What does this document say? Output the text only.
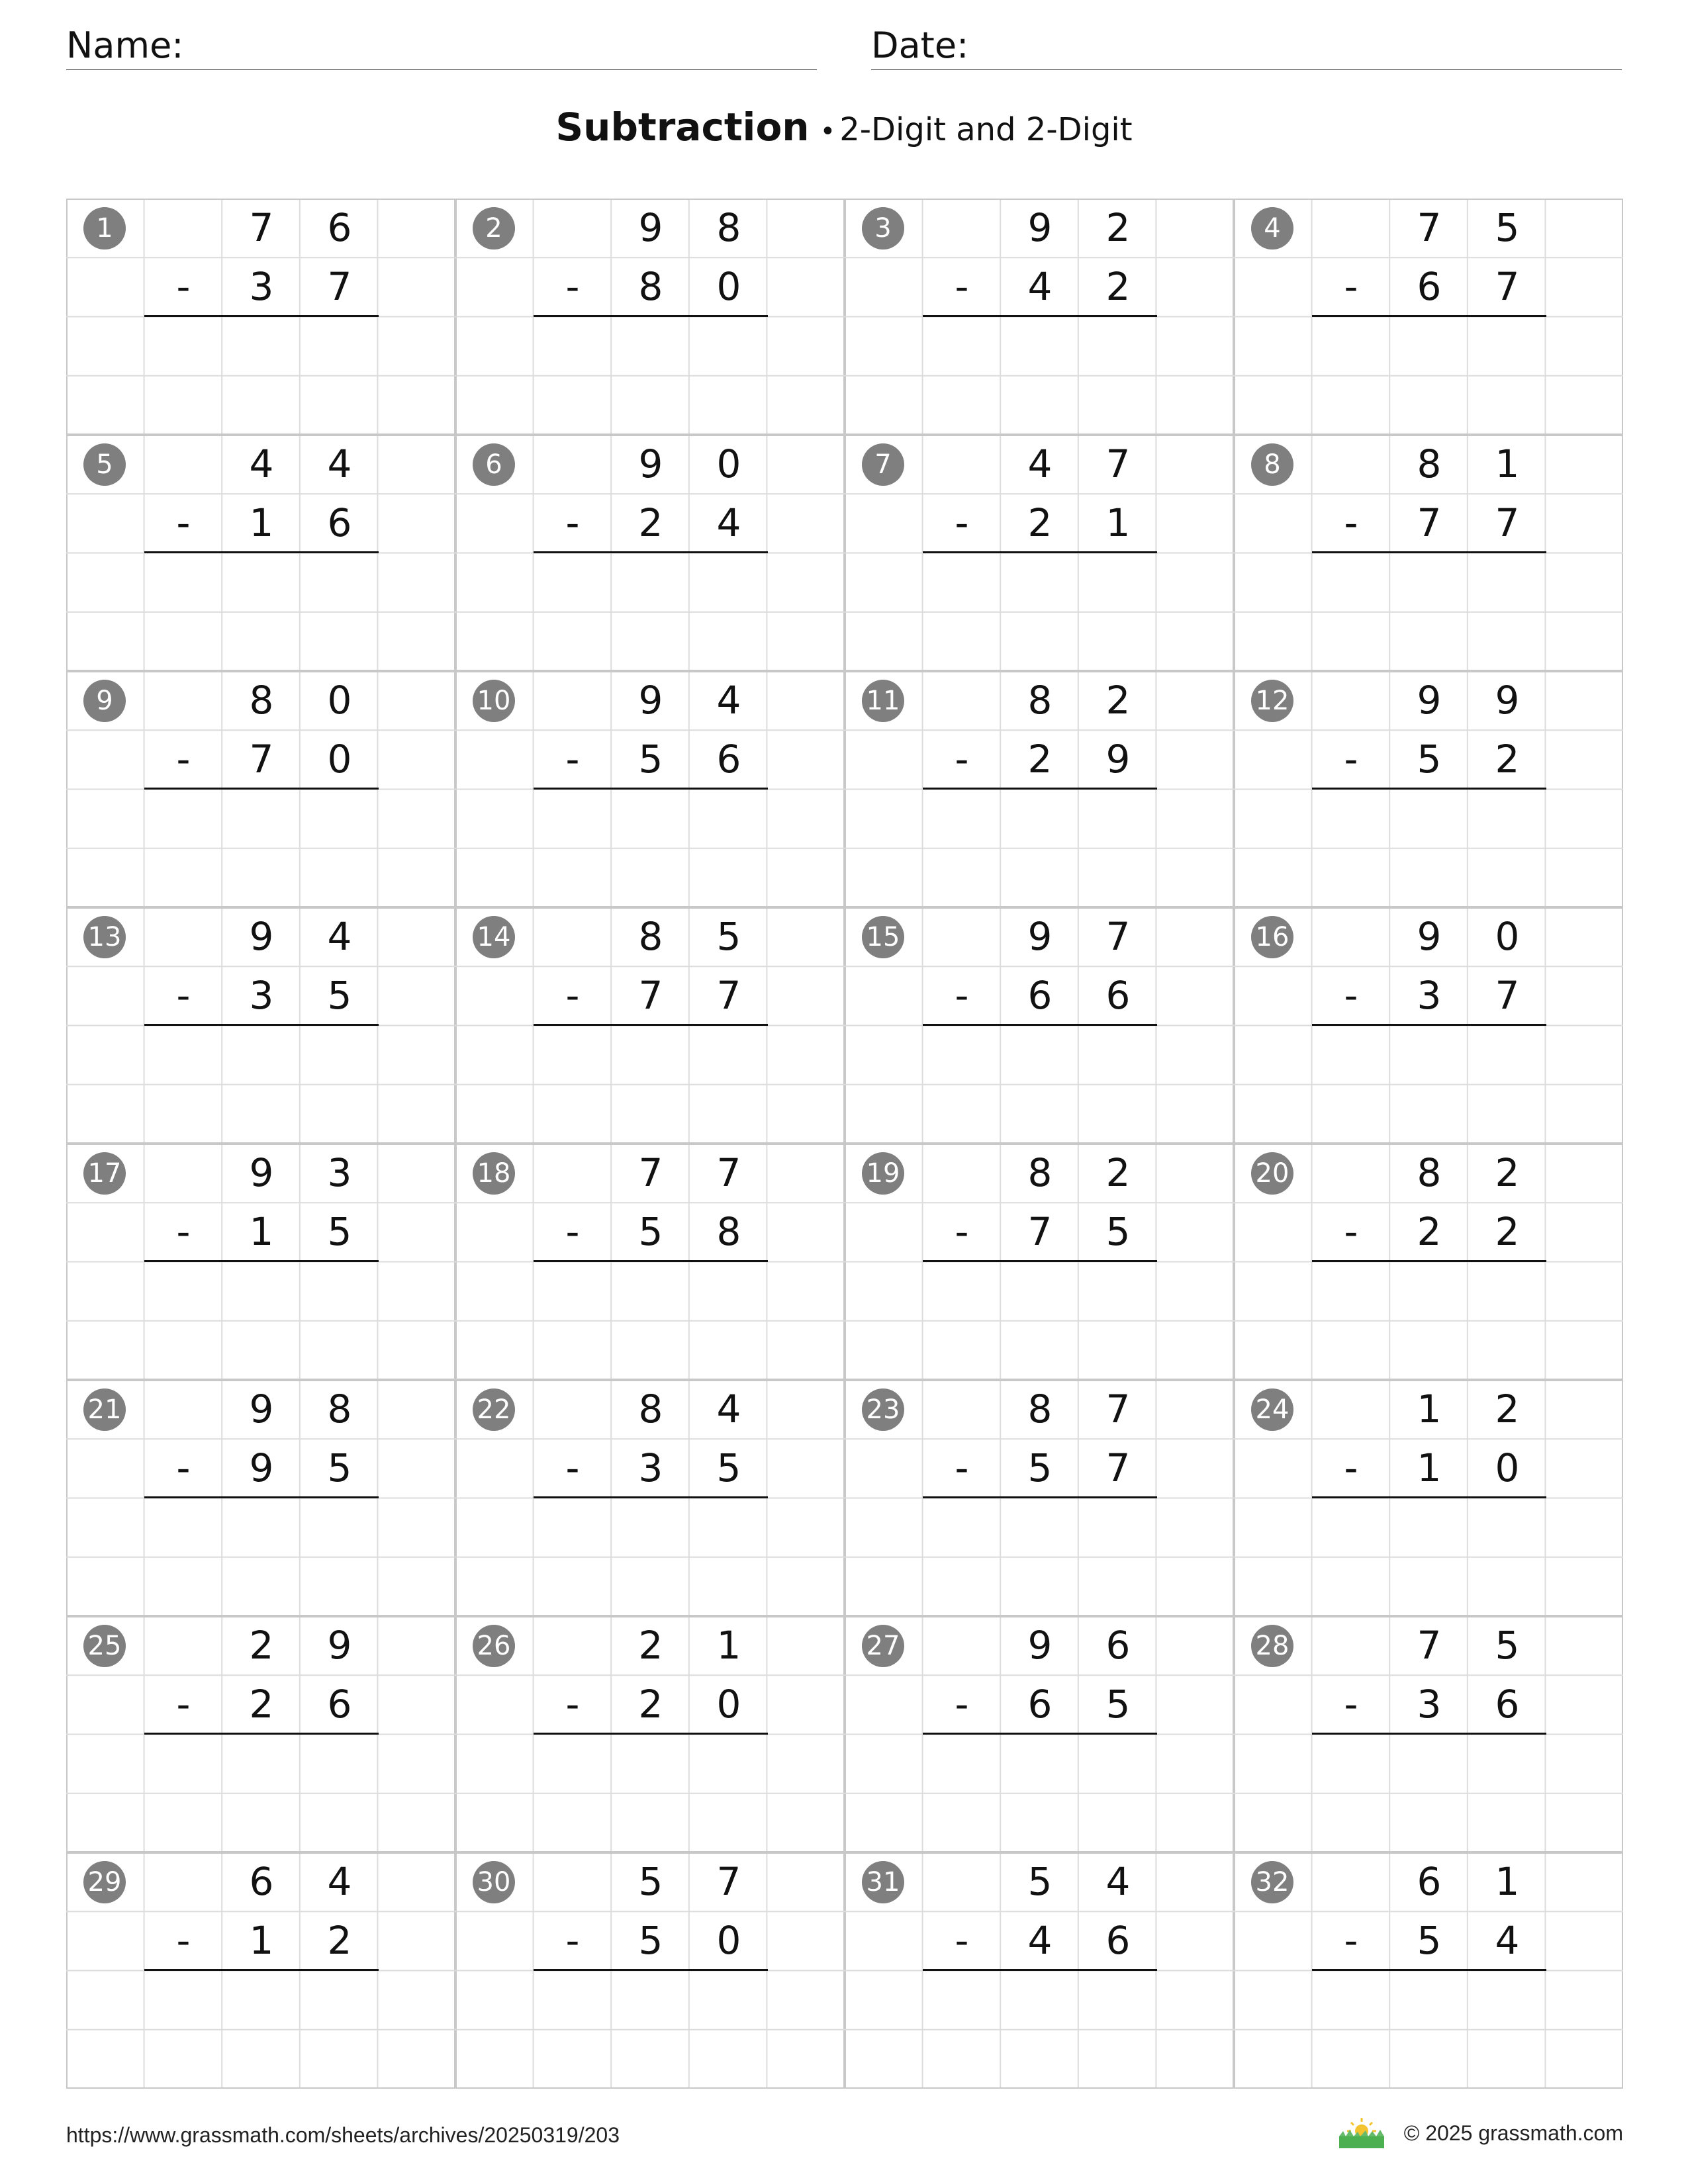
Name:	Date:
Subtraction • 2-Digit and 2-Digit
1	7	6
-	3	7
2	9	8
-	8	0
3	9	2
-	4	2
4	7	5
-	6	7
5	4	4
-	1	6
6	9	0
-	2	4
7	4	7
-	2	1
8	8	1
-	7	7
9	8	0
-	7	0
10	9	4
-	5	6
11	8	2
-	2	9
12	9	9
-	5	2
13	9	4
-	3	5
14	8	5
-	7	7
15	9	7
-	6	6
16	9	0
-	3	7
17	9	3
-	1	5
18	7	7
-	5	8
19	8	2
-	7	5
20	8	2
-	2	2
21	9	8
-	9	5
22	8	4
-	3	5
23	8	7
-	5	7
24	1	2
-	1	0
25	2	9
-	2	6
26	2	1
-	2	0
27	9	6
-	6	5
28	7	5
-	3	6
29	6	4
-	1	2
30	5	7
-	5	0
31	5	4
-	4	6
32	6	1
-	5	4
https://www.grassmath.com/sheets/archives/20250319/203	© 2025 grassmath.com
